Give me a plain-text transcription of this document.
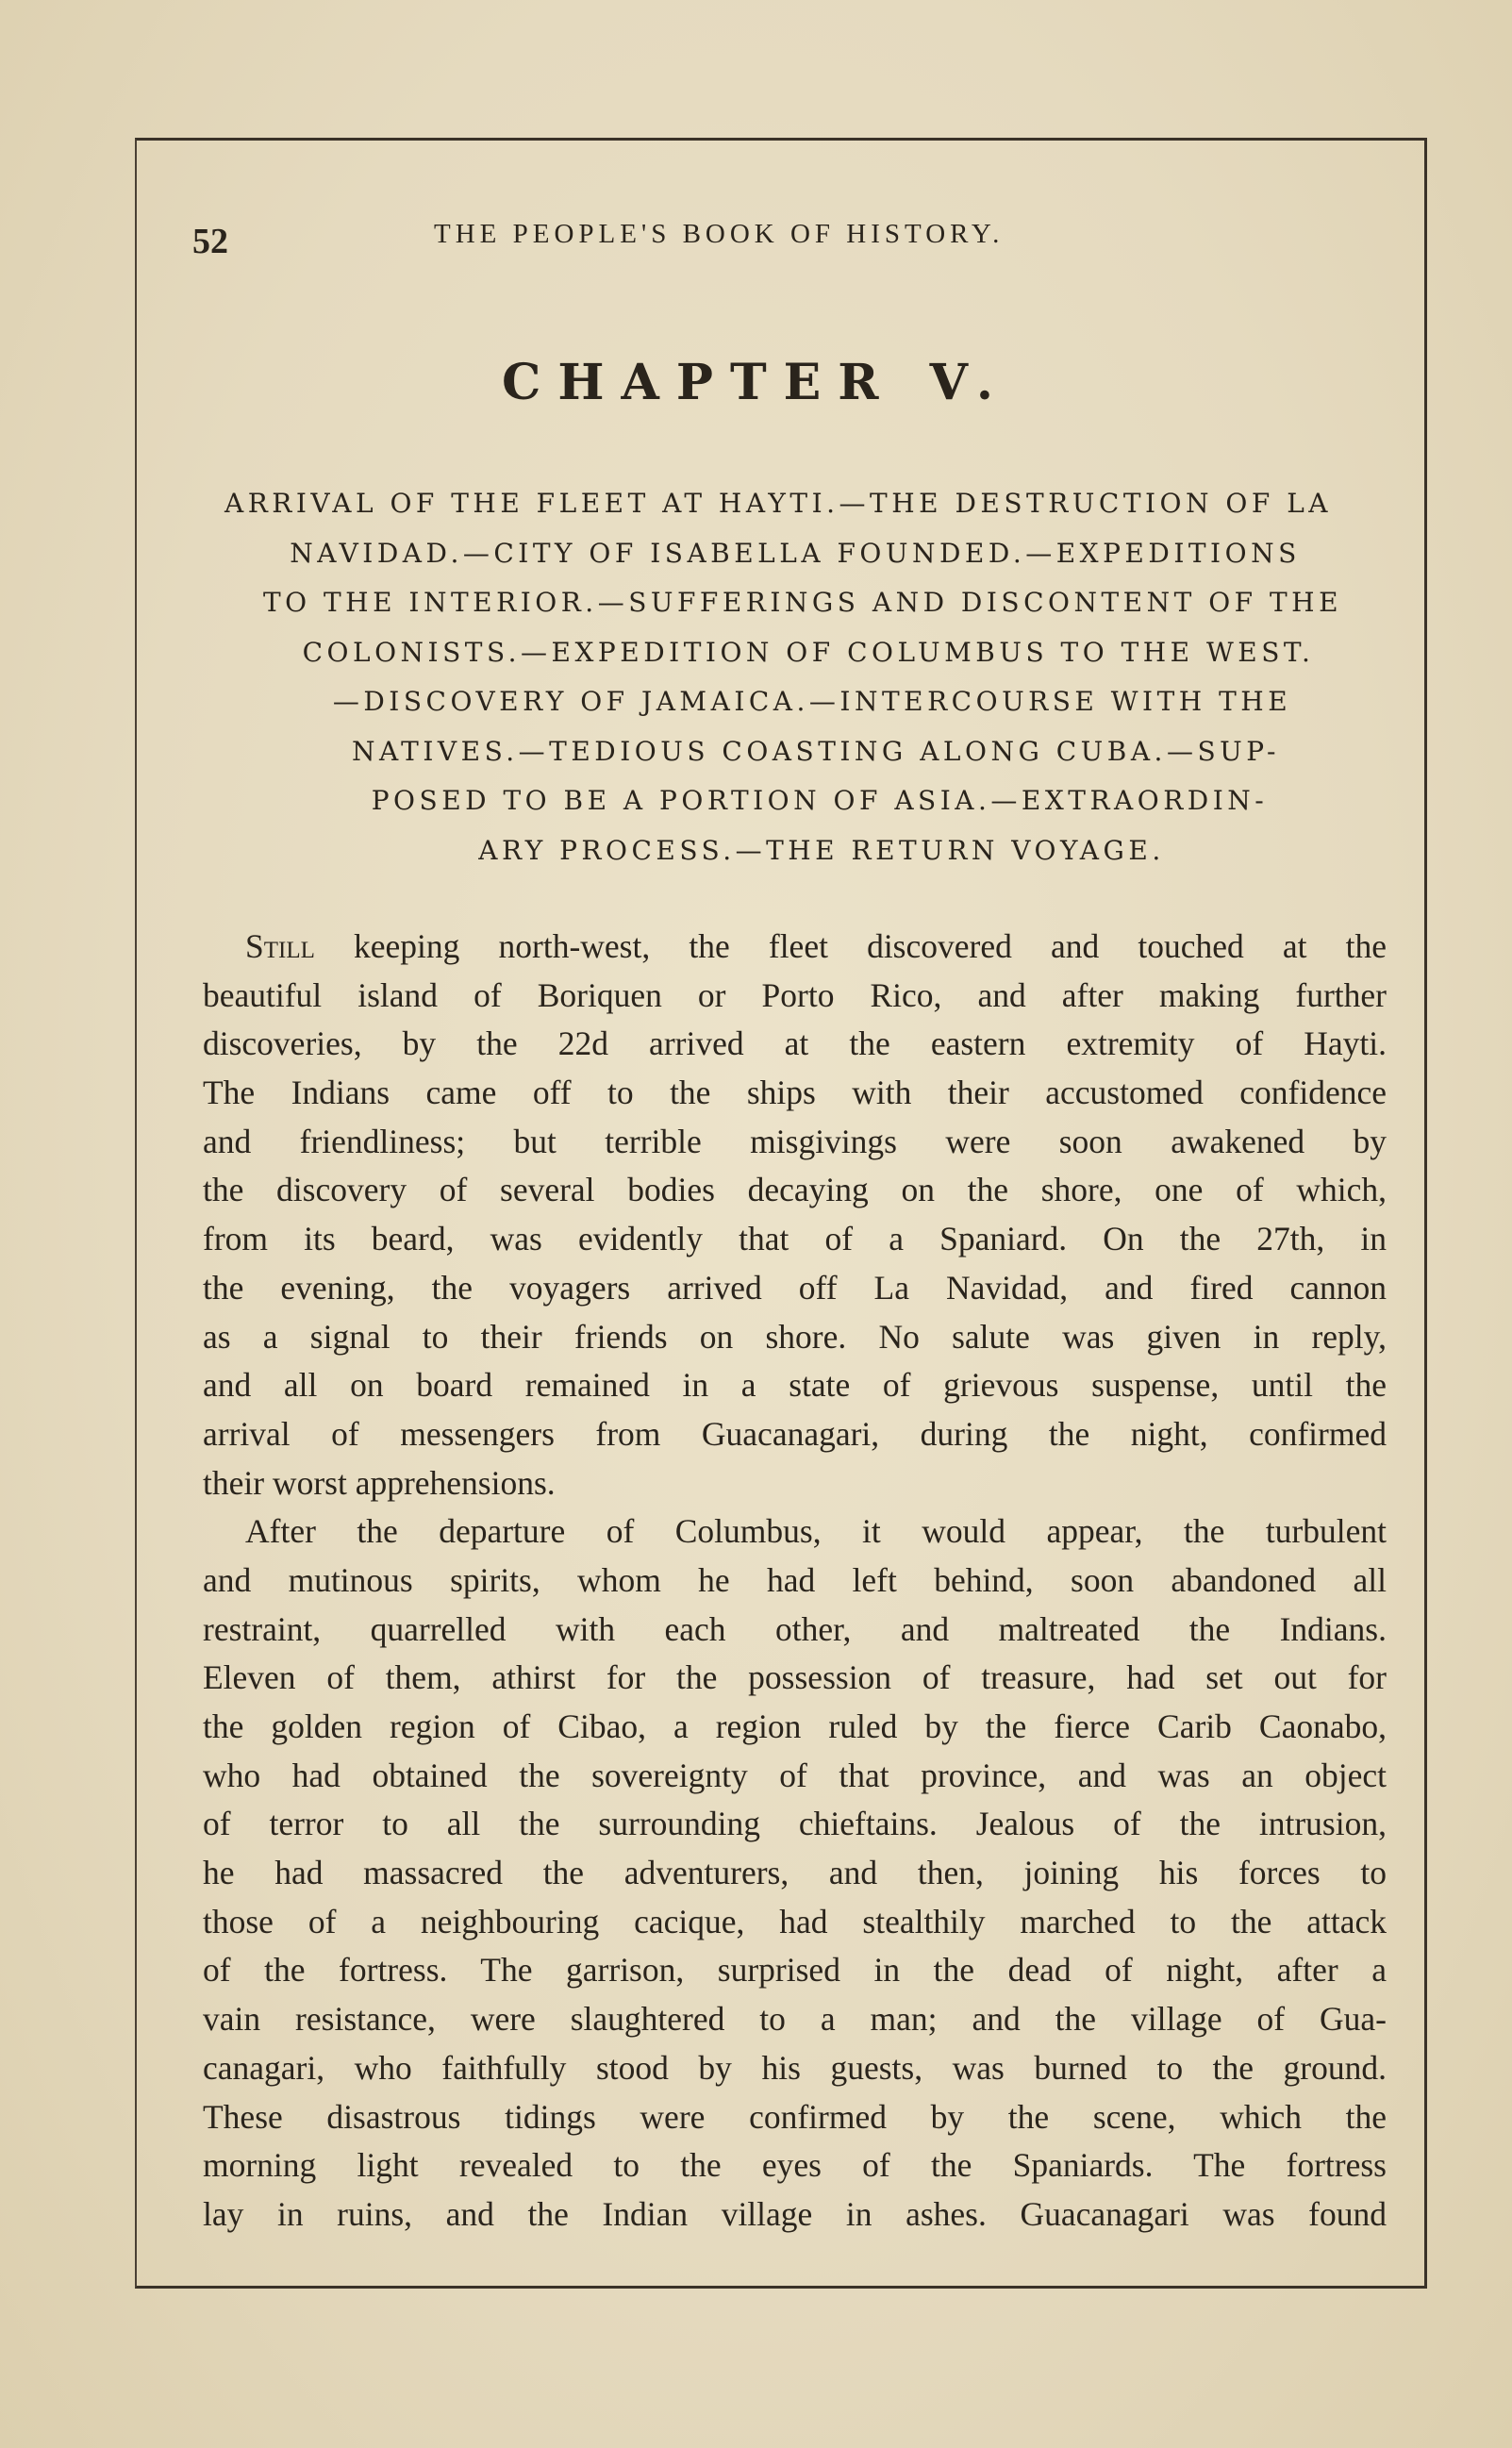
52	THE PEOPLE'S BOOK OF HISTORY.
CHAPTER V.
ARRIVAL OF THE FLEET AT HAYTI.—THE DESTRUCTION OF LA
NAVIDAD.—CITY OF ISABELLA FOUNDED.—EXPEDITIONS
TO THE INTERIOR.—SUFFERINGS AND DISCONTENT OF THE
COLONISTS.—EXPEDITION OF COLUMBUS TO THE WEST.
—DISCOVERY OF JAMAICA.—INTERCOURSE WITH THE
NATIVES.—TEDIOUS COASTING ALONG CUBA.—SUP-
POSED TO BE A PORTION OF ASIA.—EXTRAORDIN-
ARY PROCESS.—THE RETURN VOYAGE.
Still keeping north-west, the fleet discovered and touched at the
beautiful island of Boriquen or Porto Rico, and after making further
discoveries, by the 22d arrived at the eastern extremity of Hayti.
The Indians came off to the ships with their accustomed confidence
and friendliness; but terrible misgivings were soon awakened by
the discovery of several bodies decaying on the shore, one of which,
from its beard, was evidently that of a Spaniard. On the 27th, in
the evening, the voyagers arrived off La Navidad, and fired cannon
as a signal to their friends on shore. No salute was given in reply,
and all on board remained in a state of grievous suspense, until the
arrival of messengers from Guacanagari, during the night, confirmed
their worst apprehensions.
After the departure of Columbus, it would appear, the turbulent
and mutinous spirits, whom he had left behind, soon abandoned all
restraint, quarrelled with each other, and maltreated the Indians.
Eleven of them, athirst for the possession of treasure, had set out for
the golden region of Cibao, a region ruled by the fierce Carib Caonabo,
who had obtained the sovereignty of that province, and was an object
of terror to all the surrounding chieftains. Jealous of the intrusion,
he had massacred the adventurers, and then, joining his forces to
those of a neighbouring cacique, had stealthily marched to the attack
of the fortress. The garrison, surprised in the dead of night, after a
vain resistance, were slaughtered to a man; and the village of Gua-
canagari, who faithfully stood by his guests, was burned to the ground.
These disastrous tidings were confirmed by the scene, which the
morning light revealed to the eyes of the Spaniards. The fortress
lay in ruins, and the Indian village in ashes. Guacanagari was found
